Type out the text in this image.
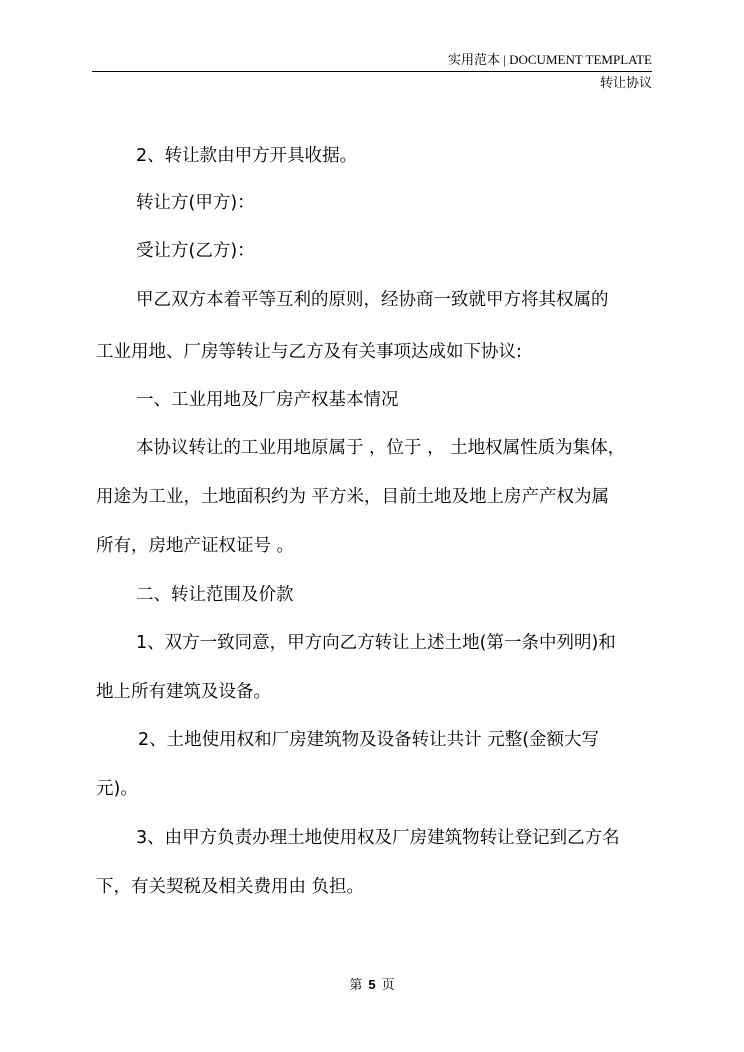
实用范本 | DOCUMENT TEMPLATE
转让协议
2、转让款由甲方开具收据。
转让方(甲方)：
受让方(乙方)：
甲乙双方本着平等互利的原则，经协商一致就甲方将其权属的
工业用地、厂房等转让与乙方及有关事项达成如下协议:
一、工业用地及厂房产权基本情况
本协议转让的工业用地原属于 ，位于 ， 土地权属性质为集体，
用途为工业，土地面积约为 平方米，目前土地及地上房产产权为属
所有，房地产证权证号 。
二、转让范围及价款
1、双方一致同意，甲方向乙方转让上述土地(第一条中列明)和
地上所有建筑及设备。
2、土地使用权和厂房建筑物及设备转让共计 元整(金额大写
元)。
3、由甲方负责办理土地使用权及厂房建筑物转让登记到乙方名
下，有关契税及相关费用由 负担。
第 5 页
